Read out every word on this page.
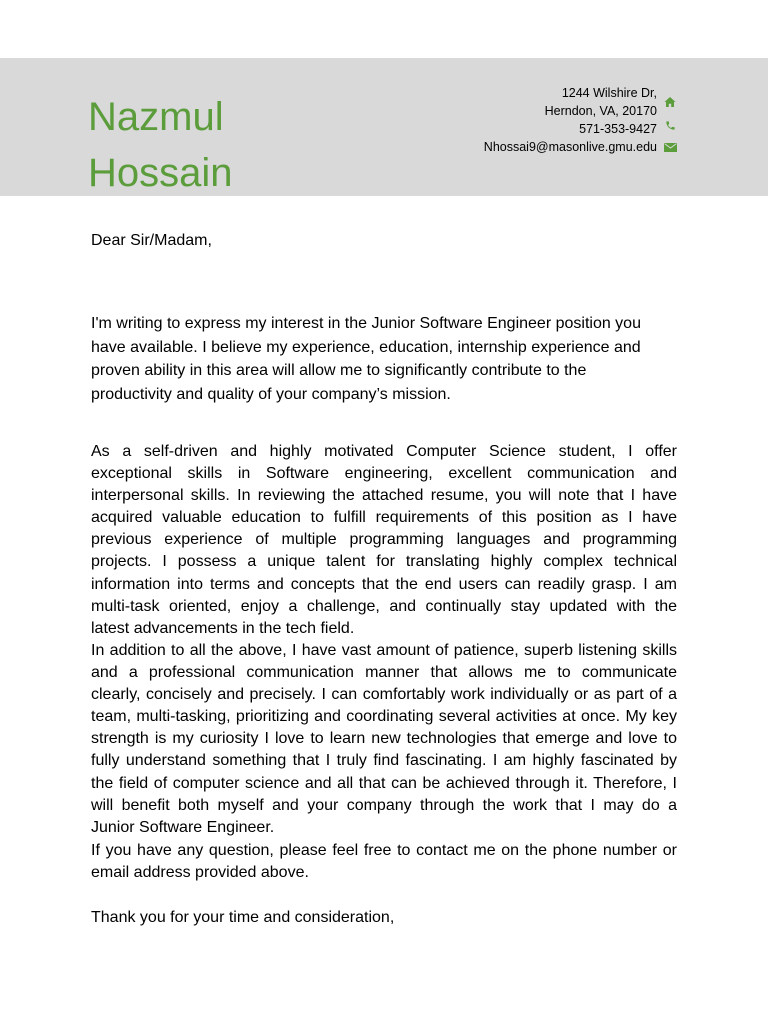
Nazmul
Hossain
1244 Wilshire Dr,
Herndon, VA, 20170
571-353-9427
Nhossai9@masonlive.gmu.edu
Dear Sir/Madam,
I'm writing to express my interest in the Junior Software Engineer position you
have available. I believe my experience, education, internship experience and
proven ability in this area will allow me to significantly contribute to the
productivity and quality of your company’s mission.
As a self-driven and highly motivated Computer Science student, I offer
exceptional skills in Software engineering, excellent communication and
interpersonal skills. In reviewing the attached resume, you will note that I have
acquired valuable education to fulfill requirements of this position as I have
previous experience of multiple programming languages and programming
projects. I possess a unique talent for translating highly complex technical
information into terms and concepts that the end users can readily grasp. I am
multi-task oriented, enjoy a challenge, and continually stay updated with the
latest advancements in the tech field.
In addition to all the above, I have vast amount of patience, superb listening skills
and a professional communication manner that allows me to communicate
clearly, concisely and precisely. I can comfortably work individually or as part of a
team, multi-tasking, prioritizing and coordinating several activities at once. My key
strength is my curiosity I love to learn new technologies that emerge and love to
fully understand something that I truly find fascinating. I am highly fascinated by
the field of computer science and all that can be achieved through it. Therefore, I
will benefit both myself and your company through the work that I may do a
Junior Software Engineer.
If you have any question, please feel free to contact me on the phone number or
email address provided above.
Thank you for your time and consideration,
